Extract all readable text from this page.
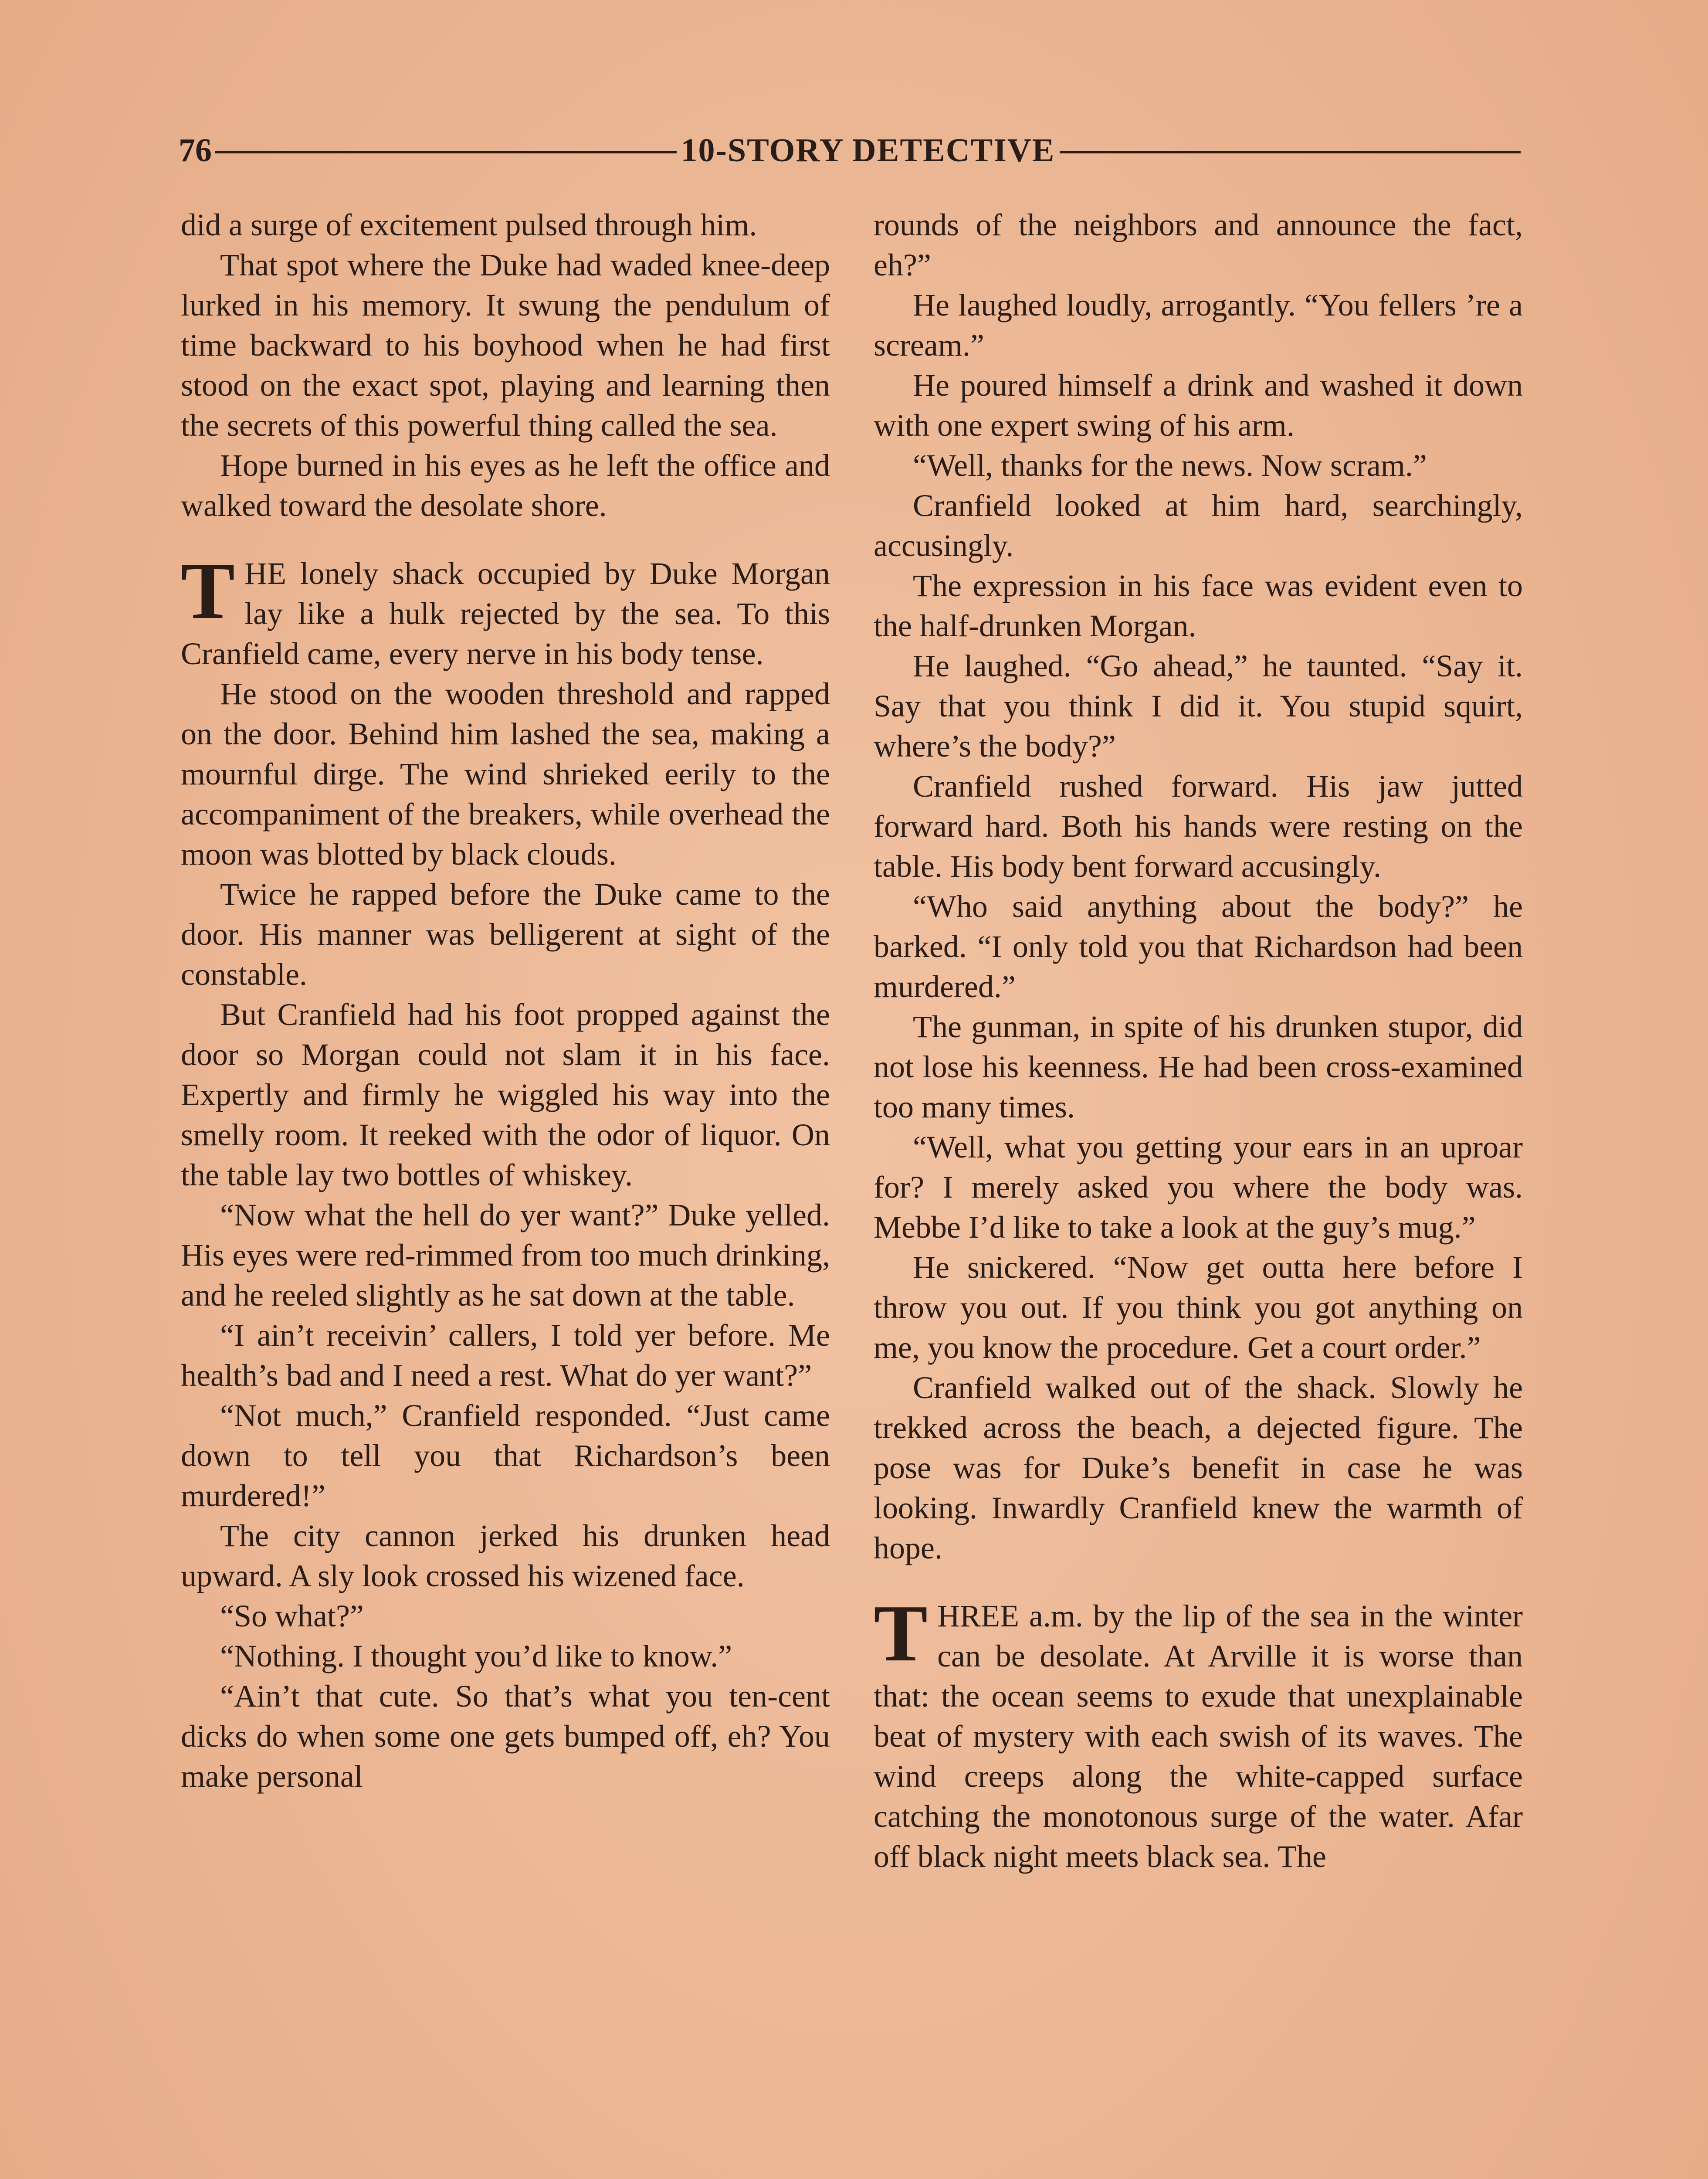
76	10-STORY DETECTIVE

did a surge of excitement pulsed through him.

That spot where the Duke had waded knee-deep lurked in his memory. It swung the pendulum of time backward to his boyhood when he had first stood on the exact spot, playing and learning then the secrets of this powerful thing called the sea.

Hope burned in his eyes as he left the office and walked toward the desolate shore.

THE lonely shack occupied by Duke Morgan lay like a hulk rejected by the sea. To this Cranfield came, every nerve in his body tense.

He stood on the wooden threshold and rapped on the door. Behind him lashed the sea, making a mournful dirge. The wind shrieked eerily to the accompaniment of the breakers, while overhead the moon was blotted by black clouds.

Twice he rapped before the Duke came to the door. His manner was belligerent at sight of the constable.

But Cranfield had his foot propped against the door so Morgan could not slam it in his face. Expertly and firmly he wiggled his way into the smelly room. It reeked with the odor of liquor. On the table lay two bottles of whiskey.

“Now what the hell do yer want?” Duke yelled. His eyes were red-rimmed from too much drinking, and he reeled slightly as he sat down at the table.

“I ain’t receivin’ callers, I told yer before. Me health’s bad and I need a rest. What do yer want?”

“Not much,” Cranfield responded. “Just came down to tell you that Richardson’s been murdered!”

The city cannon jerked his drunken head upward. A sly look crossed his wizened face.

“So what?”

“Nothing. I thought you’d like to know.”

“Ain’t that cute. So that’s what you ten-cent dicks do when some one gets bumped off, eh? You make personal

rounds of the neighbors and announce the fact, eh?”

He laughed loudly, arrogantly. “You fellers ’re a scream.”

He poured himself a drink and washed it down with one expert swing of his arm.

“Well, thanks for the news. Now scram.”

Cranfield looked at him hard, searchingly, accusingly.

The expression in his face was evident even to the half-drunken Morgan.

He laughed. “Go ahead,” he taunted. “Say it. Say that you think I did it. You stupid squirt, where’s the body?”

Cranfield rushed forward. His jaw jutted forward hard. Both his hands were resting on the table. His body bent forward accusingly.

“Who said anything about the body?” he barked. “I only told you that Richardson had been murdered.”

The gunman, in spite of his drunken stupor, did not lose his keenness. He had been cross-examined too many times.

“Well, what you getting your ears in an uproar for? I merely asked you where the body was. Mebbe I’d like to take a look at the guy’s mug.”

He snickered. “Now get outta here before I throw you out. If you think you got anything on me, you know the procedure. Get a court order.”

Cranfield walked out of the shack. Slowly he trekked across the beach, a dejected figure. The pose was for Duke’s benefit in case he was looking. Inwardly Cranfield knew the warmth of hope.

THREE a.m. by the lip of the sea in the winter can be desolate. At Arville it is worse than that: the ocean seems to exude that unexplainable beat of mystery with each swish of its waves. The wind creeps along the white-capped surface catching the monotonous surge of the water. Afar off black night meets black sea. The
